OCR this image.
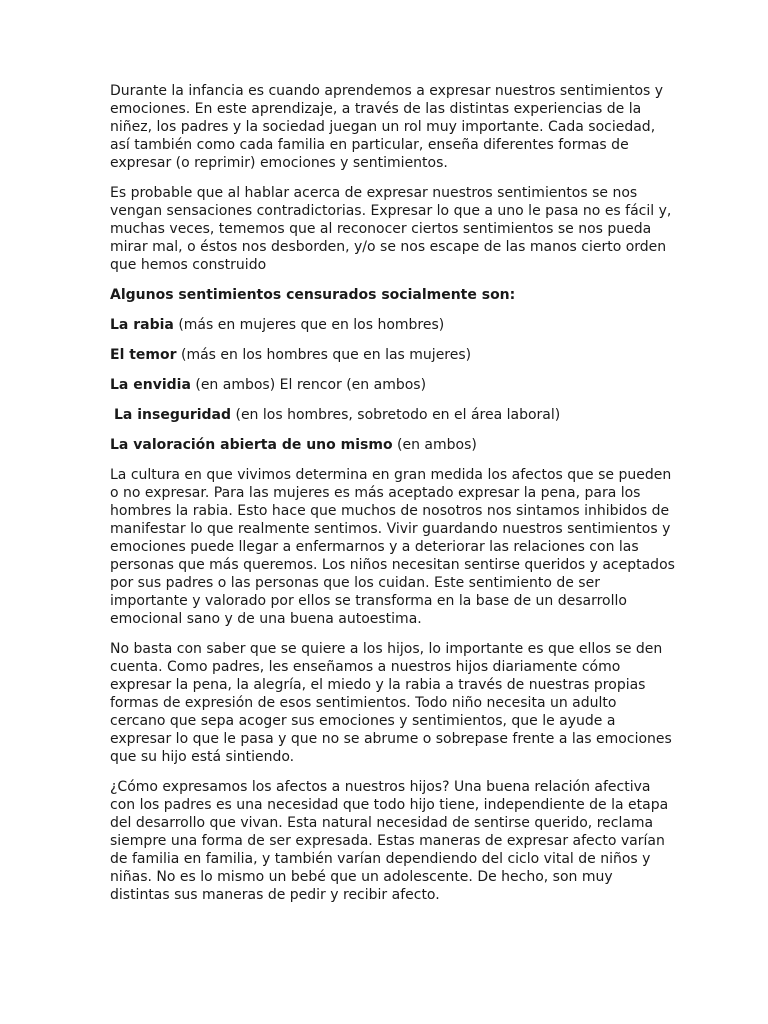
Durante la infancia es cuando aprendemos a expresar nuestros sentimientos y emociones. En este aprendizaje, a través de las distintas experiencias de la niñez, los padres y la sociedad juegan un rol muy importante. Cada sociedad, así también como cada familia en particular, enseña diferentes formas de expresar (o reprimir) emociones y sentimientos.

Es probable que al hablar acerca de expresar nuestros sentimientos se nos vengan sensaciones contradictorias. Expresar lo que a uno le pasa no es fácil y, muchas veces, tememos que al reconocer ciertos sentimientos se nos pueda mirar mal, o éstos nos desborden, y/o se nos escape de las manos cierto orden que hemos construido

Algunos sentimientos censurados socialmente son:

La rabia (más en mujeres que en los hombres)

El temor (más en los hombres que en las mujeres)

La envidia (en ambos) El rencor (en ambos)

La inseguridad (en los hombres, sobretodo en el área laboral)

La valoración abierta de uno mismo (en ambos)

La cultura en que vivimos determina en gran medida los afectos que se pueden o no expresar. Para las mujeres es más aceptado expresar la pena, para los hombres la rabia. Esto hace que muchos de nosotros nos sintamos inhibidos de manifestar lo que realmente sentimos. Vivir guardando nuestros sentimientos y emociones puede llegar a enfermarnos y a deteriorar las relaciones con las personas que más queremos. Los niños necesitan sentirse queridos y aceptados por sus padres o las personas que los cuidan. Este sentimiento de ser importante y valorado por ellos se transforma en la base de un desarrollo emocional sano y de una buena autoestima.

No basta con saber que se quiere a los hijos, lo importante es que ellos se den cuenta. Como padres, les enseñamos a nuestros hijos diariamente cómo expresar la pena, la alegría, el miedo y la rabia a través de nuestras propias formas de expresión de esos sentimientos. Todo niño necesita un adulto cercano que sepa acoger sus emociones y sentimientos, que le ayude a expresar lo que le pasa y que no se abrume o sobrepase frente a las emociones que su hijo está sintiendo.

¿Cómo expresamos los afectos a nuestros hijos? Una buena relación afectiva con los padres es una necesidad que todo hijo tiene, independiente de la etapa del desarrollo que vivan. Esta natural necesidad de sentirse querido, reclama siempre una forma de ser expresada. Estas maneras de expresar afecto varían de familia en familia, y también varían dependiendo del ciclo vital de niños y niñas. No es lo mismo un bebé que un adolescente. De hecho, son muy distintas sus maneras de pedir y recibir afecto.
